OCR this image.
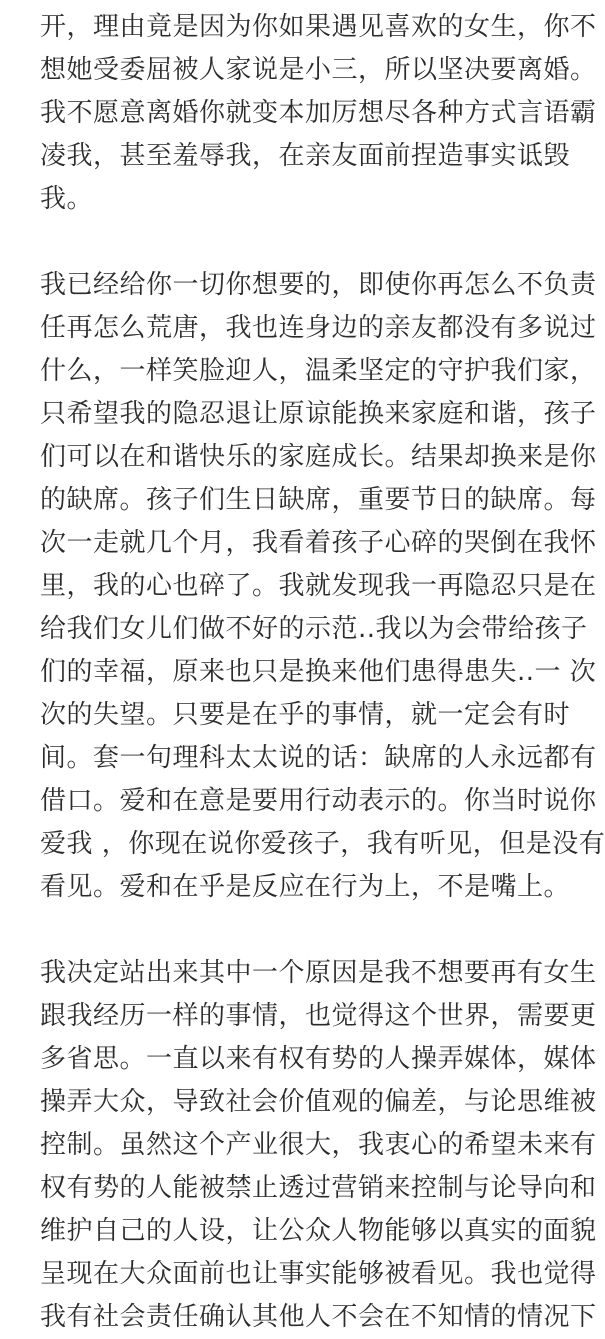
开，理由竟是因为你如果遇见喜欢的女生，你不
想她受委屈被人家说是小三，所以坚决要离婚。
我不愿意离婚你就变本加厉想尽各种方式言语霸
凌我，甚至羞辱我，在亲友面前捏造事实诋毁
我。
我已经给你一切你想要的，即使你再怎么不负责
任再怎么荒唐，我也连身边的亲友都没有多说过
什么，一样笑脸迎人，温柔坚定的守护我们家，
只希望我的隐忍退让原谅能换来家庭和谐，孩子
们可以在和谐快乐的家庭成长。结果却换来是你
的缺席。孩子们生日缺席，重要节日的缺席。每
次一走就几个月，我看着孩子心碎的哭倒在我怀
里，我的心也碎了。我就发现我一再隐忍只是在
给我们女儿们做不好的示范..我以为会带给孩子
们的幸福，原来也只是换来他们患得患失..一 次
次的失望。只要是在乎的事情，就一定会有时
间。套一句理科太太说的话：缺席的人永远都有
借口。爱和在意是要用行动表示的。你当时说你
爱我 ，你现在说你爱孩子，我有听见，但是没有
看见。爱和在乎是反应在行为上，不是嘴上。
我决定站出来其中一个原因是我不想要再有女生
跟我经历一样的事情，也觉得这个世界，需要更
多省思。一直以来有权有势的人操弄媒体，媒体
操弄大众，导致社会价值观的偏差，与论思维被
控制。虽然这个产业很大，我衷心的希望未来有
权有势的人能被禁止透过营销来控制与论导向和
维护自己的人设，让公众人物能够以真实的面貌
呈现在大众面前也让事实能够被看见。我也觉得
我有社会责任确认其他人不会在不知情的情况下
